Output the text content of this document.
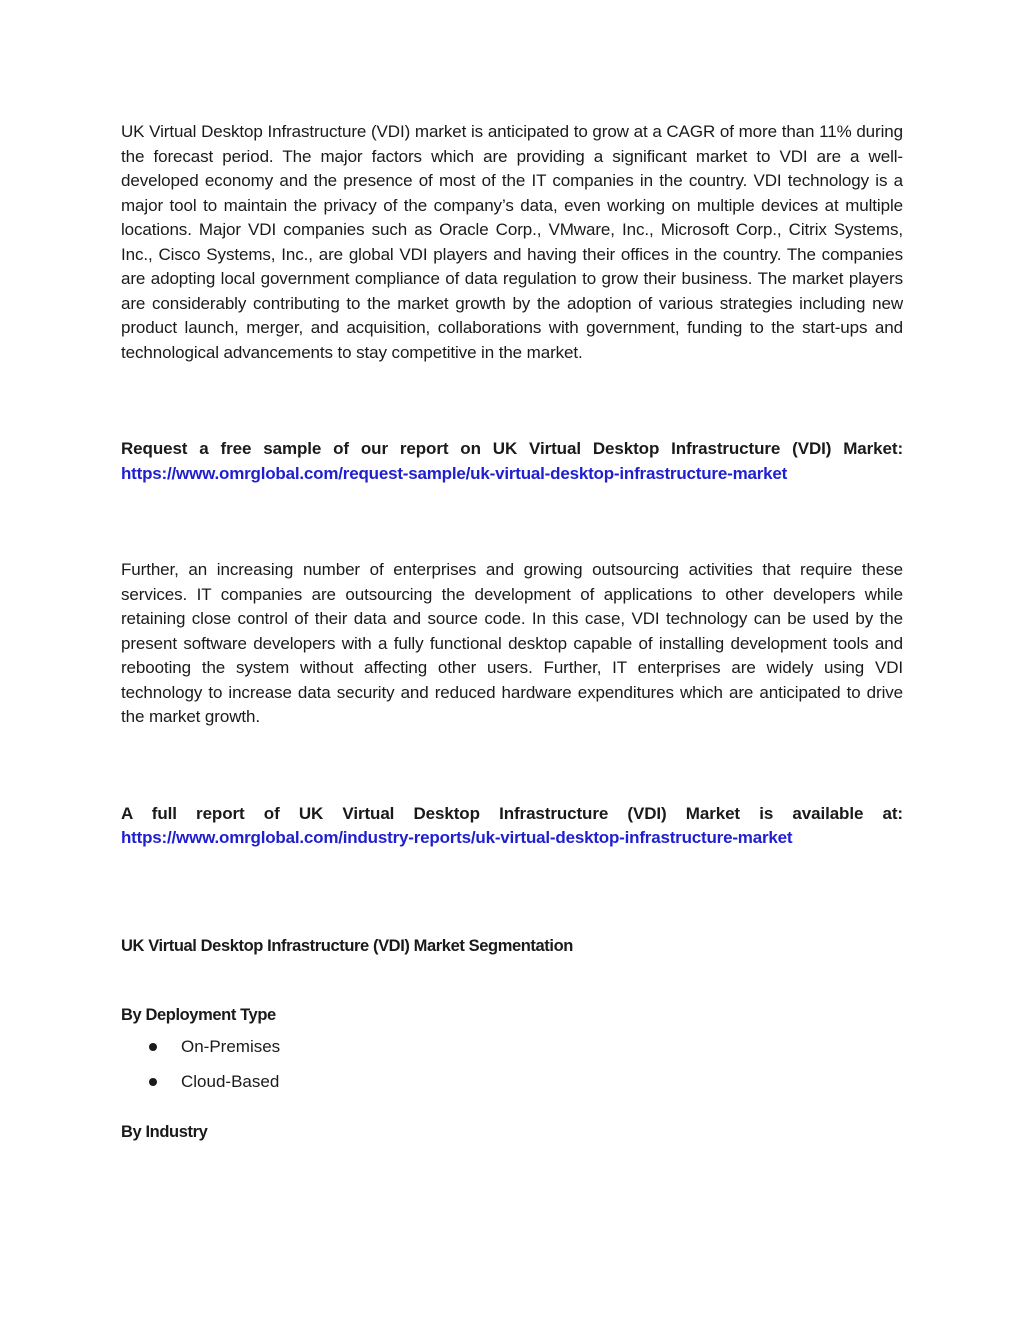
UK Virtual Desktop Infrastructure (VDI) market is anticipated to grow at a CAGR of more than 11% during the forecast period. The major factors which are providing a significant market to VDI are a well-developed economy and the presence of most of the IT companies in the country. VDI technology is a major tool to maintain the privacy of the company’s data, even working on multiple devices at multiple locations. Major VDI companies such as Oracle Corp., VMware, Inc., Microsoft Corp., Citrix Systems, Inc., Cisco Systems, Inc., are global VDI players and having their offices in the country. The companies are adopting local government compliance of data regulation to grow their business. The market players are considerably contributing to the market growth by the adoption of various strategies including new product launch, merger, and acquisition, collaborations with government, funding to the start-ups and technological advancements to stay competitive in the market.

Request a free sample of our report on UK Virtual Desktop Infrastructure (VDI) Market:

https://www.omrglobal.com/request-sample/uk-virtual-desktop-infrastructure-market

Further, an increasing number of enterprises and growing outsourcing activities that require these services. IT companies are outsourcing the development of applications to other developers while retaining close control of their data and source code. In this case, VDI technology can be used by the present software developers with a fully functional desktop capable of installing development tools and rebooting the system without affecting other users. Further, IT enterprises are widely using VDI technology to increase data security and reduced hardware expenditures which are anticipated to drive the market growth.

A full report of UK Virtual Desktop Infrastructure (VDI) Market is available at:

https://www.omrglobal.com/industry-reports/uk-virtual-desktop-infrastructure-market
UK Virtual Desktop Infrastructure (VDI) Market Segmentation
By Deployment Type
On-Premises
Cloud-Based
By Industry
